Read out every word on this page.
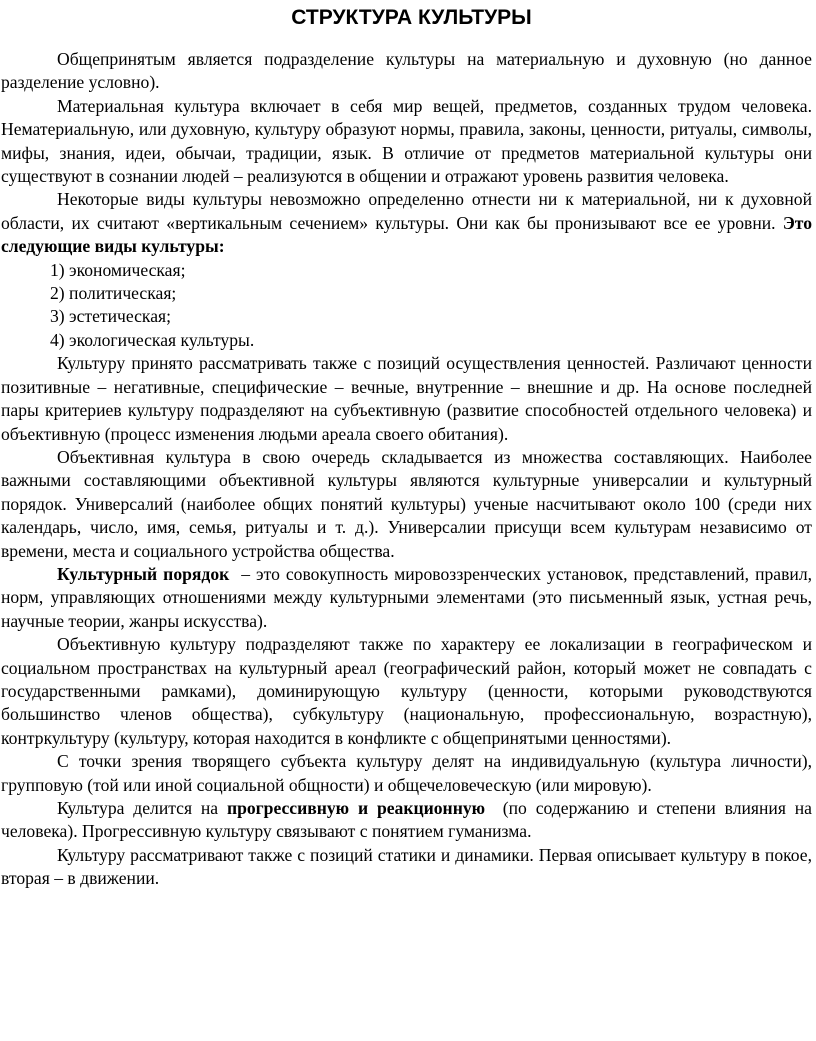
СТРУКТУРА КУЛЬТУРЫ

Общепринятым является подразделение культуры на материальную и духовную (но данное разделение условно).

Материальная культура включает в себя мир вещей, предметов, созданных трудом человека. Нематериальную, или духовную, культуру образуют нормы, правила, законы, ценности, ритуалы, символы, мифы, знания, идеи, обычаи, традиции, язык. В отличие от предметов материальной культуры они существуют в сознании людей – реализуются в общении и отражают уровень развития человека.

Некоторые виды культуры невозможно определенно отнести ни к материальной, ни к духовной области, их считают «вертикальным сечением» культуры. Они как бы пронизывают все ее уровни. Это следующие виды культуры:

1) экономическая;
2) политическая;
3) эстетическая;
4) экологическая культуры.

Культуру принято рассматривать также с позиций осуществления ценностей. Различают ценности позитивные – негативные, специфические – вечные, внутренние – внешние и др. На основе последней пары критериев культуру подразделяют на субъективную (развитие способностей отдельного человека) и объективную (процесс изменения людьми ареала своего обитания).

Объективная культура в свою очередь складывается из множества составляющих. Наиболее важными составляющими объективной культуры являются культурные универсалии и культурный порядок. Универсалий (наиболее общих понятий культуры) ученые насчитывают около 100 (среди них календарь, число, имя, семья, ритуалы и т. д.). Универсалии присущи всем культурам независимо от времени, места и социального устройства общества.

Культурный порядок  – это совокупность мировоззренческих установок, представлений, правил, норм, управляющих отношениями между культурными элементами (это письменный язык, устная речь, научные теории, жанры искусства).

Объективную культуру подразделяют также по характеру ее локализации в географическом и социальном пространствах на культурный ареал (географический район, который может не совпадать с государственными рамками), доминирующую культуру (ценности, которыми руководствуются большинство членов общества), субкультуру (национальную, профессиональную, возрастную), контркультуру (культуру, которая находится в конфликте с общепринятыми ценностями).

С точки зрения творящего субъекта культуру делят на индивидуальную (культура личности), групповую (той или иной социальной общности) и общечеловеческую (или мировую).

Культура делится на прогрессивную и реакционную  (по содержанию и степени влияния на человека). Прогрессивную культуру связывают с понятием гуманизма.

Культуру рассматривают также с позиций статики и динамики. Первая описывает культуру в покое, вторая – в движении.
